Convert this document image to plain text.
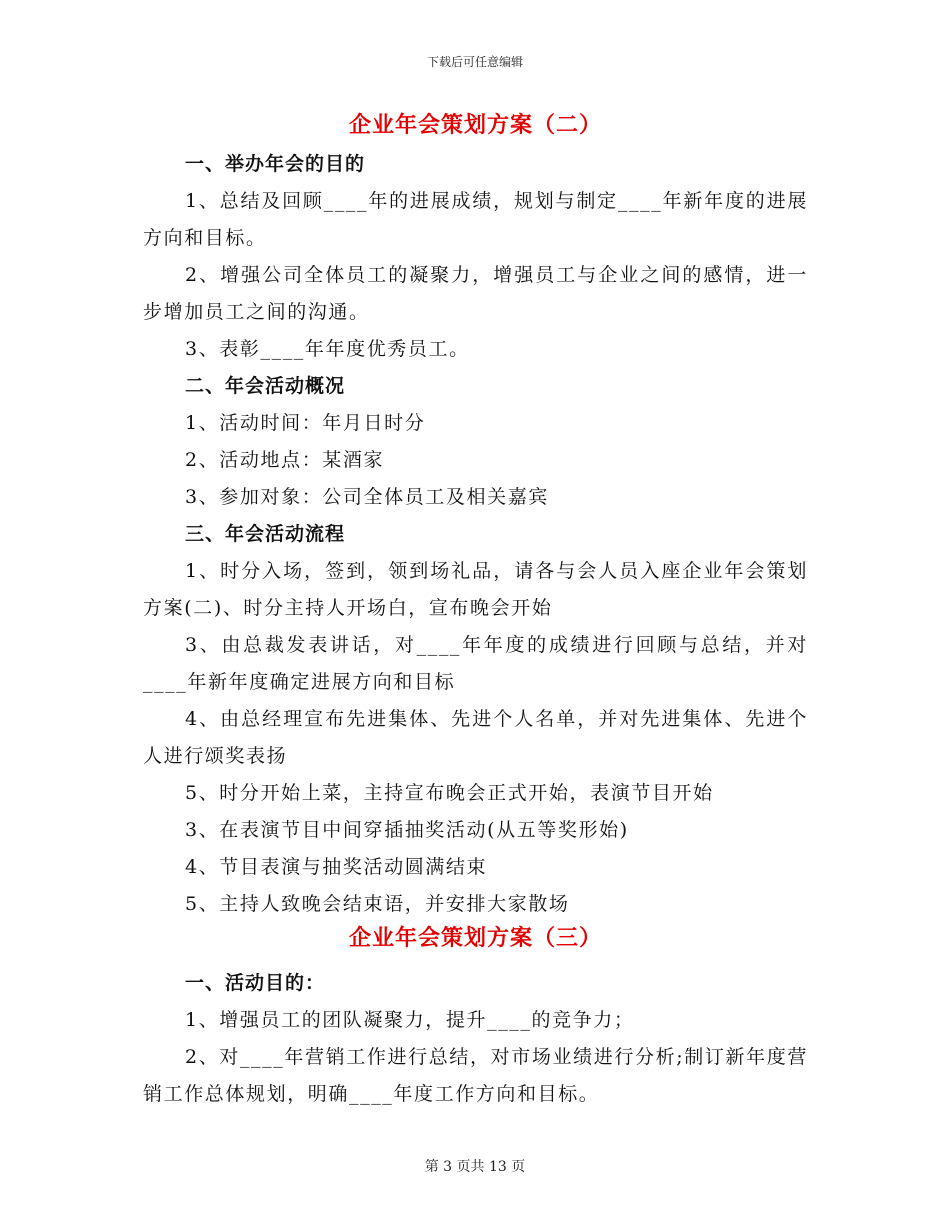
下载后可任意编辑
企业年会策划方案（二）
一、举办年会的目的

1、总结及回顾____年的进展成绩，规划与制定____年新年度的进展方向和目标。

2、增强公司全体员工的凝聚力，增强员工与企业之间的感情，进一步增加员工之间的沟通。

3、表彰____年年度优秀员工。

二、年会活动概况

1、活动时间：年月日时分

2、活动地点：某酒家

3、参加对象：公司全体员工及相关嘉宾

三、年会活动流程

1、时分入场，签到，领到场礼品，请各与会人员入座企业年会策划方案(二)、时分主持人开场白，宣布晚会开始

3、由总裁发表讲话，对____年年度的成绩进行回顾与总结，并对____年新年度确定进展方向和目标

4、由总经理宣布先进集体、先进个人名单，并对先进集体、先进个人进行颂奖表扬

5、时分开始上菜，主持宣布晚会正式开始，表演节目开始

3、在表演节目中间穿插抽奖活动(从五等奖形始)

4、节目表演与抽奖活动圆满结束

5、主持人致晚会结束语，并安排大家散场

企业年会策划方案（三）
一、活动目的：

1、增强员工的团队凝聚力，提升____的竞争力；

2、对____年营销工作进行总结，对市场业绩进行分析;制订新年度营销工作总体规划，明确____年度工作方向和目标。

第 3 页共 13 页
